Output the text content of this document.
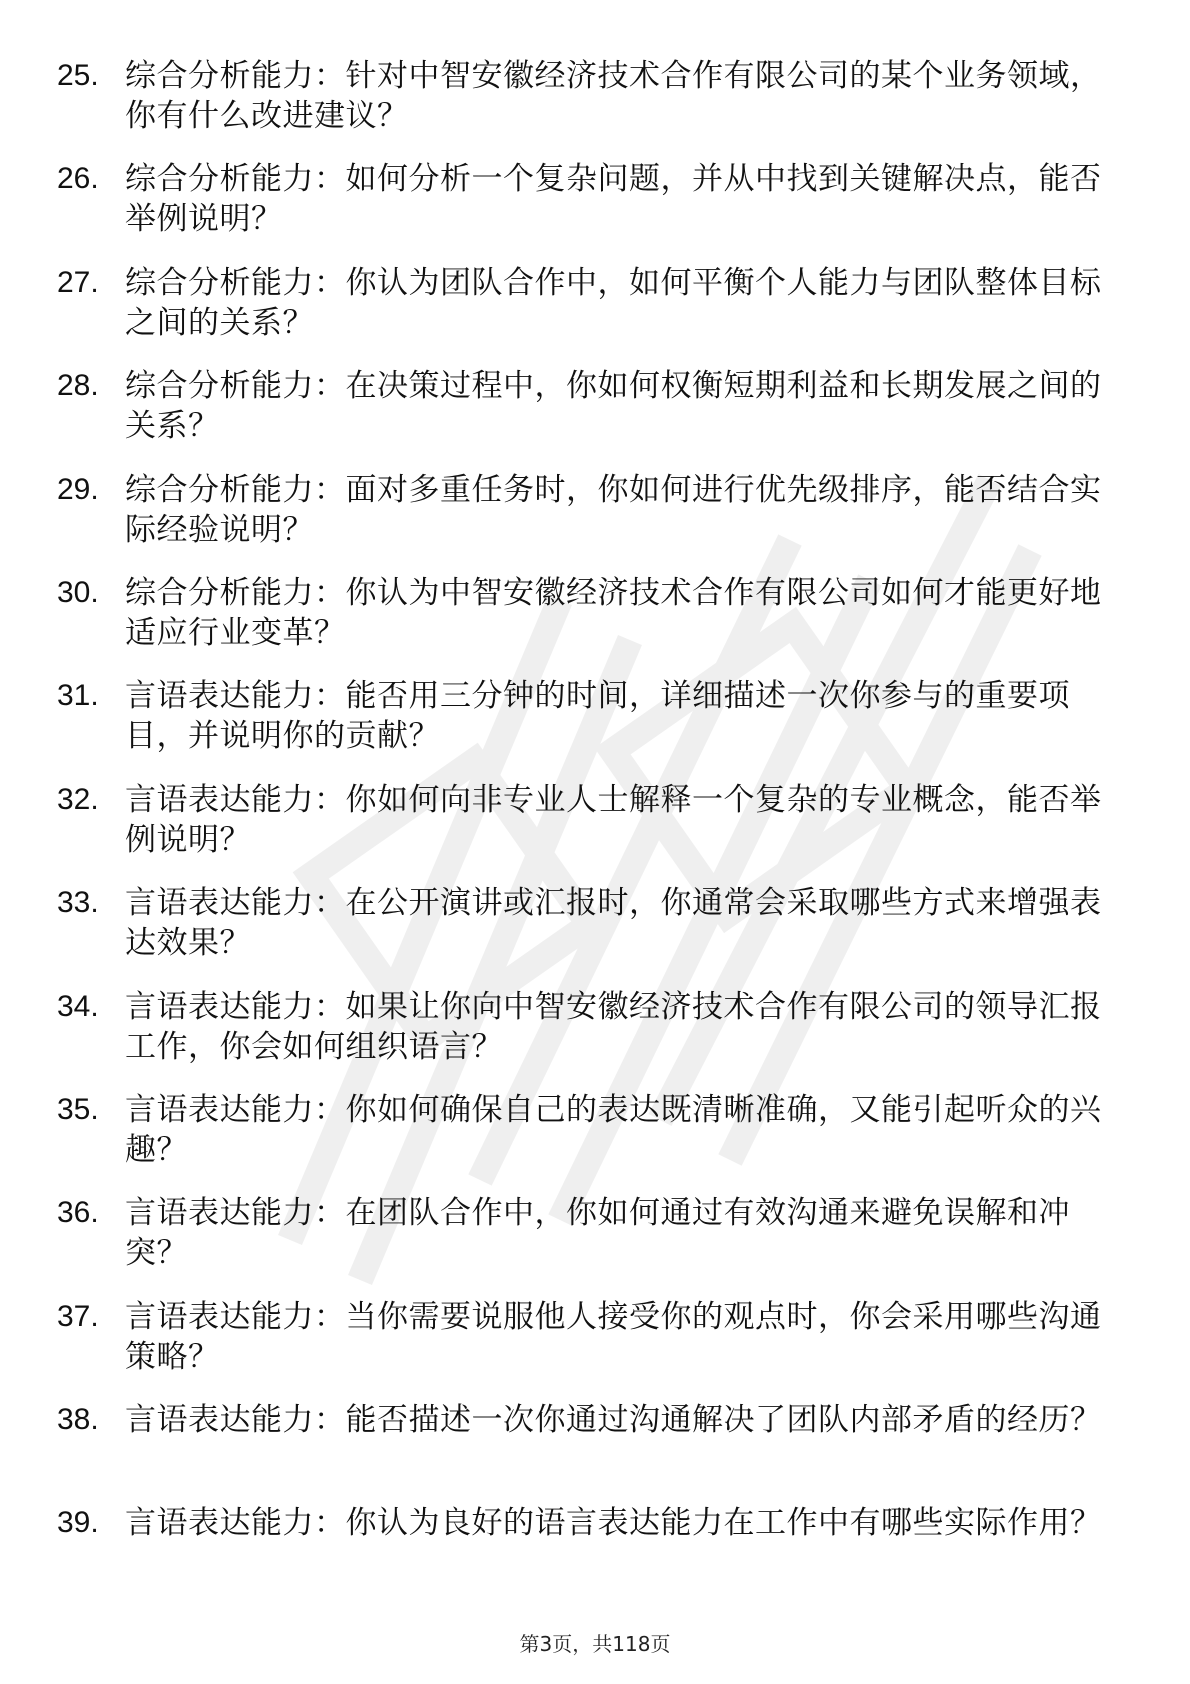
25. 综合分析能力：针对中智安徽经济技术合作有限公司的某个业务领域，你有什么改进建议？
26. 综合分析能力：如何分析一个复杂问题，并从中找到关键解决点，能否举例说明？
27. 综合分析能力：你认为团队合作中，如何平衡个人能力与团队整体目标之间的关系？
28. 综合分析能力：在决策过程中，你如何权衡短期利益和长期发展之间的关系？
29. 综合分析能力：面对多重任务时，你如何进行优先级排序，能否结合实际经验说明？
30. 综合分析能力：你认为中智安徽经济技术合作有限公司如何才能更好地适应行业变革？
31. 言语表达能力：能否用三分钟的时间，详细描述一次你参与的重要项目，并说明你的贡献？
32. 言语表达能力：你如何向非专业人士解释一个复杂的专业概念，能否举例说明？
33. 言语表达能力：在公开演讲或汇报时，你通常会采取哪些方式来增强表达效果？
34. 言语表达能力：如果让你向中智安徽经济技术合作有限公司的领导汇报工作，你会如何组织语言？
35. 言语表达能力：你如何确保自己的表达既清晰准确，又能引起听众的兴趣？
36. 言语表达能力：在团队合作中，你如何通过有效沟通来避免误解和冲突？
37. 言语表达能力：当你需要说服他人接受你的观点时，你会采用哪些沟通策略？
38. 言语表达能力：能否描述一次你通过沟通解决了团队内部矛盾的经历？
39. 言语表达能力：你认为良好的语言表达能力在工作中有哪些实际作用？
第3页，共118页
